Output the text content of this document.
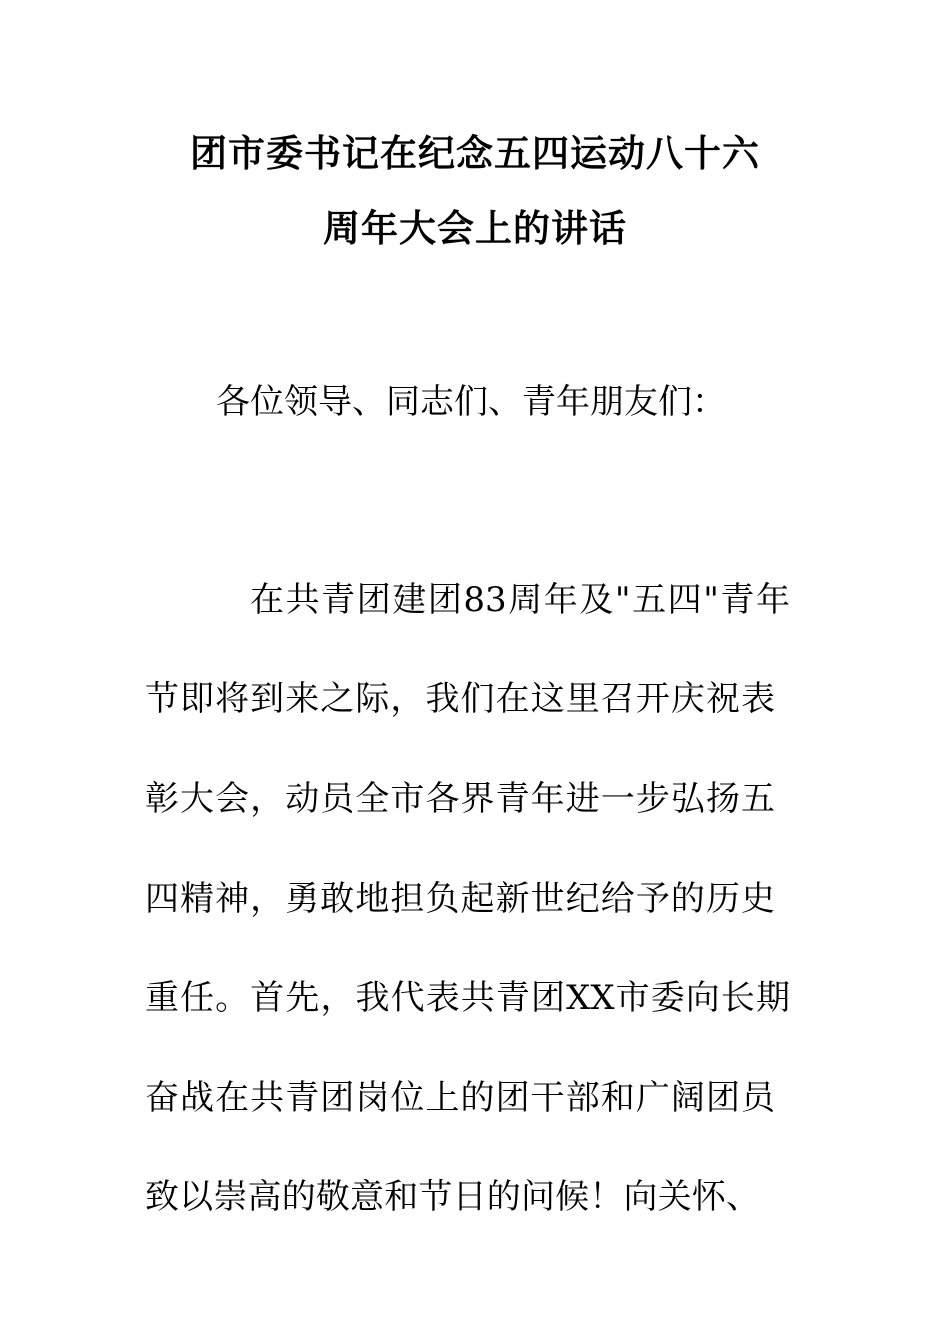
团市委书记在纪念五四运动八十六
周年大会上的讲话
各位领导、同志们、青年朋友们：
在共青团建团83周年及"五四"青年
节即将到来之际，我们在这里召开庆祝表
彰大会，动员全市各界青年进一步弘扬五
四精神，勇敢地担负起新世纪给予的历史
重任。首先，我代表共青团XX市委向长期
奋战在共青团岗位上的团干部和广阔团员
致以崇高的敬意和节日的问候！向关怀、
